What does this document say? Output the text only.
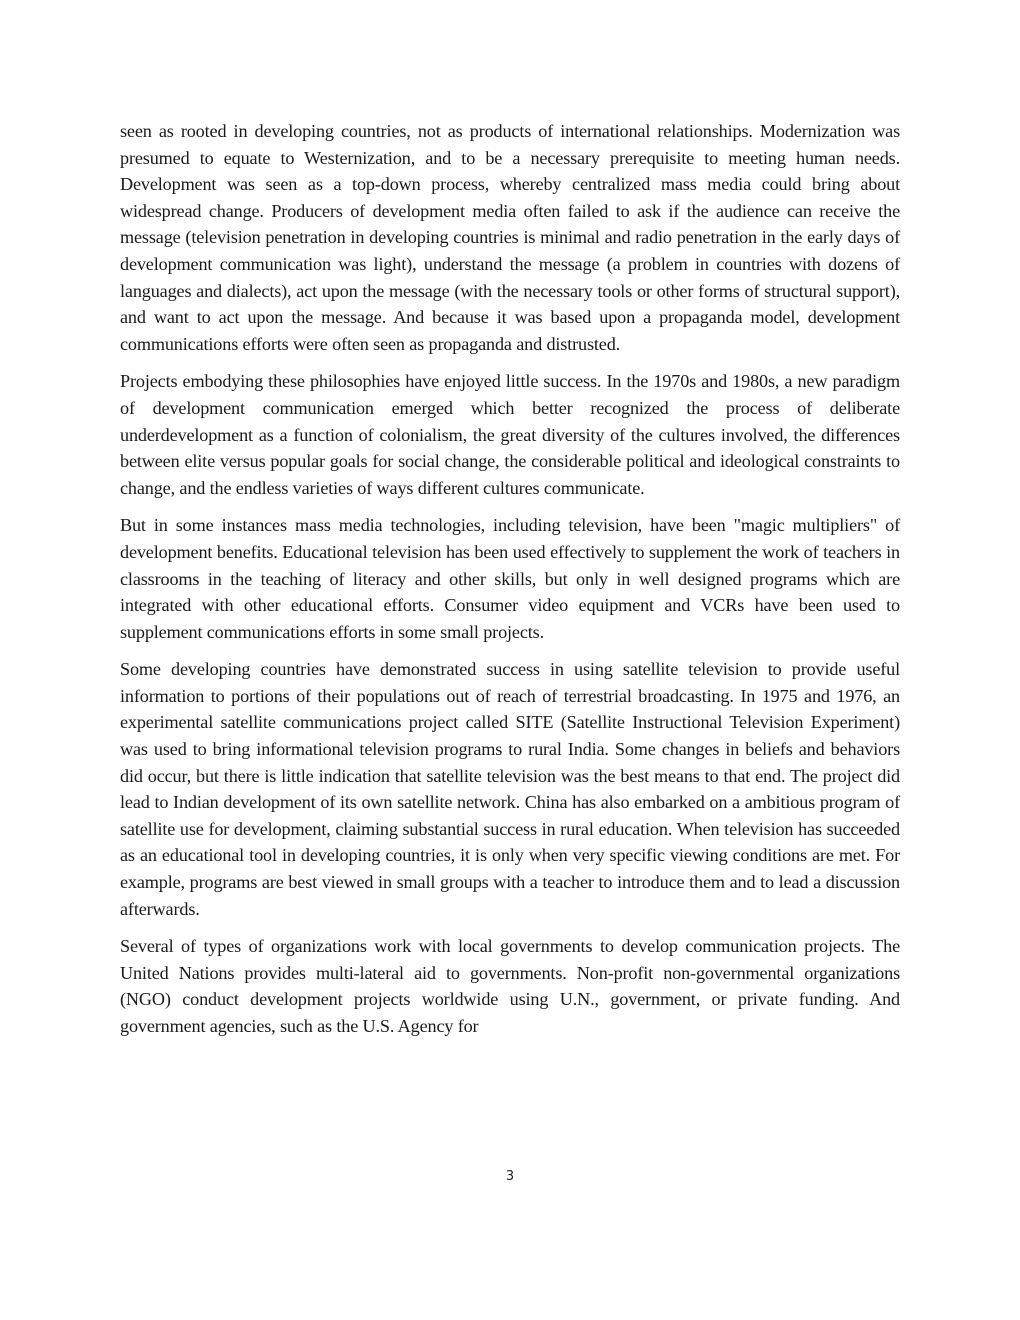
seen as rooted in developing countries, not as products of international relationships. Modernization was presumed to equate to Westernization, and to be a necessary prerequisite to meeting human needs. Development was seen as a top-down process, whereby centralized mass media could bring about widespread change. Producers of development media often failed to ask if the audience can receive the message (television penetration in developing countries is minimal and radio penetration in the early days of development communication was light), understand the message (a problem in countries with dozens of languages and dialects), act upon the message (with the necessary tools or other forms of structural support), and want to act upon the message. And because it was based upon a propaganda model, development communications efforts were often seen as propaganda and distrusted.

Projects embodying these philosophies have enjoyed little success. In the 1970s and 1980s, a new paradigm of development communication emerged which better recognized the process of deliberate underdevelopment as a function of colonialism, the great diversity of the cultures involved, the differences between elite versus popular goals for social change, the considerable political and ideological constraints to change, and the endless varieties of ways different cultures communicate.

But in some instances mass media technologies, including television, have been "magic multipliers" of development benefits. Educational television has been used effectively to supplement the work of teachers in classrooms in the teaching of literacy and other skills, but only in well designed programs which are integrated with other educational efforts. Consumer video equipment and VCRs have been used to supplement communications efforts in some small projects.

Some developing countries have demonstrated success in using satellite television to provide useful information to portions of their populations out of reach of terrestrial broadcasting. In 1975 and 1976, an experimental satellite communications project called SITE (Satellite Instructional Television Experiment) was used to bring informational television programs to rural India. Some changes in beliefs and behaviors did occur, but there is little indication that satellite television was the best means to that end. The project did lead to Indian development of its own satellite network. China has also embarked on a ambitious program of satellite use for development, claiming substantial success in rural education. When television has succeeded as an educational tool in developing countries, it is only when very specific viewing conditions are met. For example, programs are best viewed in small groups with a teacher to introduce them and to lead a discussion afterwards.

Several of types of organizations work with local governments to develop communication projects. The United Nations provides multi-lateral aid to governments. Non-profit non-governmental organizations (NGO) conduct development projects worldwide using U.N., government, or private funding. And government agencies, such as the U.S. Agency for

3
